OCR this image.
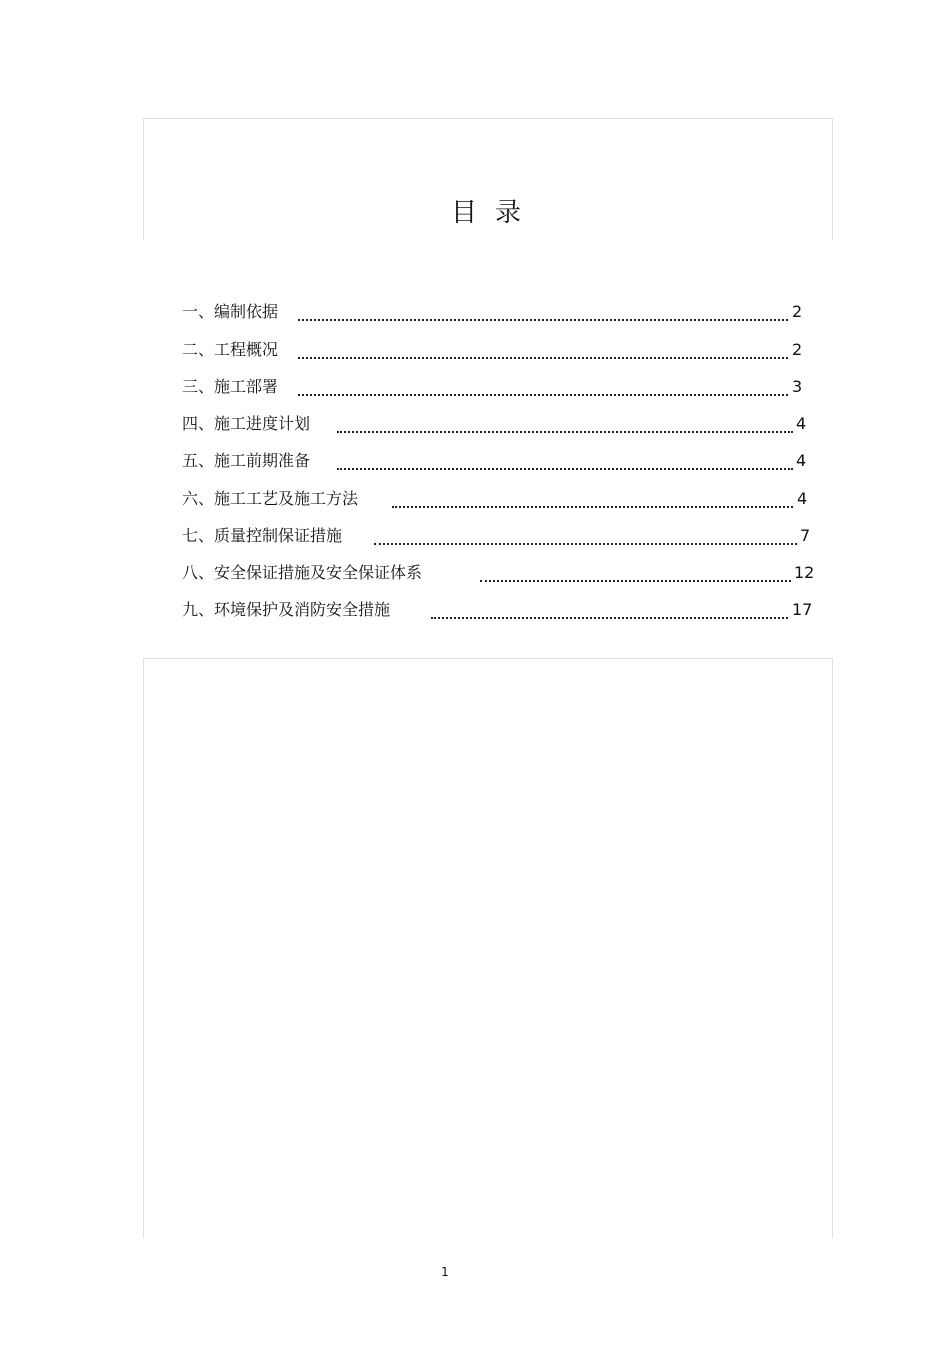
目录
一、编制依据	2
二、工程概况	2
三、施工部署	3
四、施工进度计划	4
五、施工前期准备	4
六、施工工艺及施工方法	4
七、质量控制保证措施	7
八、安全保证措施及安全保证体系	12
九、环境保护及消防安全措施	17
1
